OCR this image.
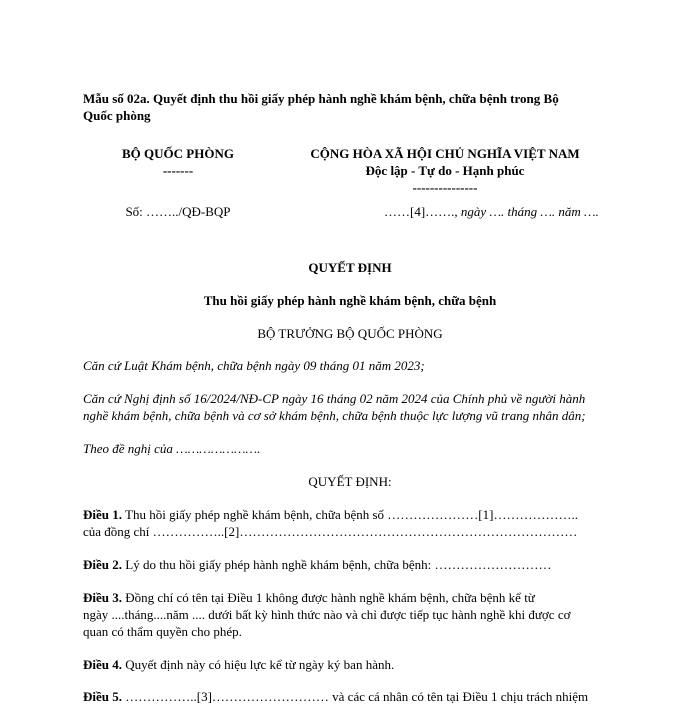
Mẫu số 02a. Quyết định thu hồi giấy phép hành nghề khám bệnh, chữa bệnh trong Bộ
Quốc phòng
BỘ QUỐC PHÒNG
-------
Số: ……../QĐ-BQP
CỘNG HÒA XÃ HỘI CHỦ NGHĨA VIỆT NAM
Độc lập - Tự do - Hạnh phúc
---------------
……[4]……., ngày …. tháng …. năm ….
QUYẾT ĐỊNH
Thu hồi giấy phép hành nghề khám bệnh, chữa bệnh
BỘ TRƯỞNG BỘ QUỐC PHÒNG
Căn cứ Luật Khám bệnh, chữa bệnh ngày 09 tháng 01 năm 2023;
Căn cứ Nghị định số 16/2024/NĐ-CP ngày 16 tháng 02 năm 2024 của Chính phủ về người hành
nghề khám bệnh, chữa bệnh và cơ sở khám bệnh, chữa bệnh thuộc lực lượng vũ trang nhân dân;
Theo đề nghị của ………………….
QUYẾT ĐỊNH:
Điều 1. Thu hồi giấy phép nghề khám bệnh, chữa bệnh số …………………[1]………………..
của đồng chí ……………..[2]……………………………………………………………………
Điều 2. Lý do thu hồi giấy phép hành nghề khám bệnh, chữa bệnh: ………………………
Điều 3. Đồng chí có tên tại Điều 1 không được hành nghề khám bệnh, chữa bệnh kể từ
ngày ....tháng....năm .... dưới bất kỳ hình thức nào và chỉ được tiếp tục hành nghề khi được cơ
quan có thẩm quyền cho phép.
Điều 4. Quyết định này có hiệu lực kể từ ngày ký ban hành.
Điều 5. ……………..[3]……………………… và các cá nhân có tên tại Điều 1 chịu trách nhiệm
